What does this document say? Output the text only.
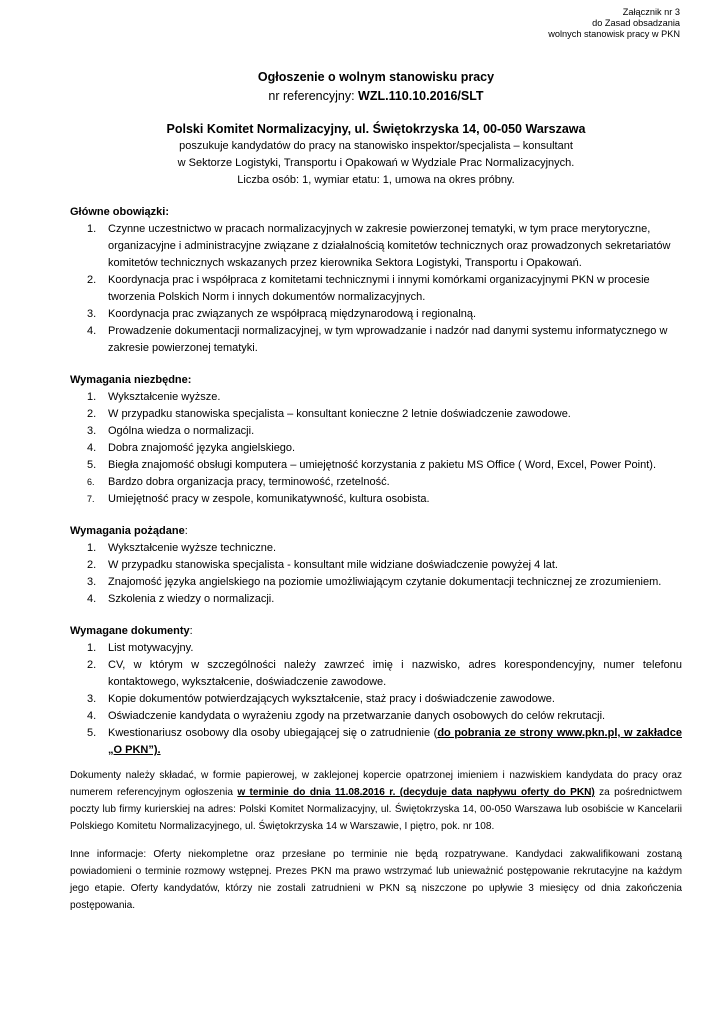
Załącznik nr 3
do Zasad obsadzania
wolnych stanowisk pracy w PKN

Ogłoszenie o wolnym stanowisku pracy

nr referencyjny: WZL.110.10.2016/SLT

Polski Komitet Normalizacyjny, ul. Świętokrzyska 14, 00-050 Warszawa

poszukuje kandydatów do pracy na stanowisko inspektor/specjalista – konsultant

w Sektorze Logistyki, Transportu i Opakowań w Wydziale Prac Normalizacyjnych.

Liczba osób: 1, wymiar etatu: 1, umowa na okres próbny.

Główne obowiązki:

1.	Czynne uczestnictwo w pracach normalizacyjnych w zakresie powierzonej tematyki, w tym prace merytoryczne, organizacyjne i administracyjne związane z działalnością komitetów technicznych oraz prowadzonych sekretariatów komitetów technicznych wskazanych przez kierownika Sektora Logistyki, Transportu i Opakowań.
2.	Koordynacja prac i współpraca z komitetami technicznymi i innymi komórkami organizacyjnymi PKN w procesie tworzenia Polskich Norm i innych dokumentów normalizacyjnych.
3.	Koordynacja prac związanych ze współpracą międzynarodową i regionalną.
4.	Prowadzenie dokumentacji normalizacyjnej, w tym wprowadzanie i nadzór nad danymi systemu informatycznego w zakresie powierzonej tematyki.

Wymagania niezbędne:

1.	Wykształcenie wyższe.
2.	W przypadku stanowiska specjalista – konsultant konieczne 2 letnie doświadczenie zawodowe.
3.	Ogólna wiedza o normalizacji.
4.	Dobra znajomość języka angielskiego.
5.	Biegła znajomość obsługi komputera – umiejętność korzystania z pakietu MS Office ( Word, Excel, Power Point).
6.	Bardzo dobra organizacja pracy, terminowość, rzetelność.
7.	Umiejętność pracy w zespole, komunikatywność, kultura osobista.

Wymagania pożądane:

1.	Wykształcenie wyższe techniczne.
2.	W przypadku stanowiska specjalista - konsultant mile widziane doświadczenie powyżej 4 lat.
3.	Znajomość języka angielskiego na poziomie umożliwiającym czytanie dokumentacji technicznej ze zrozumieniem.
4.	Szkolenia z wiedzy o normalizacji.

Wymagane dokumenty:

1.	List motywacyjny.
2.	CV, w którym w szczególności należy zawrzeć imię i nazwisko, adres korespondencyjny, numer telefonu kontaktowego, wykształcenie, doświadczenie zawodowe.
3.	Kopie dokumentów potwierdzających wykształcenie, staż pracy i doświadczenie zawodowe.
4.	Oświadczenie kandydata o wyrażeniu zgody na przetwarzanie danych osobowych do celów rekrutacji.
5.	Kwestionariusz osobowy dla osoby ubiegającej się o zatrudnienie (do pobrania ze strony www.pkn.pl, w zakładce „O PKN”).

Dokumenty należy składać, w formie papierowej, w zaklejonej kopercie opatrzonej imieniem i nazwiskiem kandydata do pracy oraz numerem referencyjnym ogłoszenia w terminie do dnia 11.08.2016 r. (decyduje data napływu oferty do PKN) za pośrednictwem poczty lub firmy kurierskiej na adres: Polski Komitet Normalizacyjny, ul. Świętokrzyska 14, 00-050 Warszawa lub osobiście w Kancelarii Polskiego Komitetu Normalizacyjnego, ul. Świętokrzyska 14 w Warszawie, I piętro, pok. nr 108.

Inne informacje: Oferty niekompletne oraz przesłane po terminie nie będą rozpatrywane. Kandydaci zakwalifikowani zostaną powiadomieni o terminie rozmowy wstępnej. Prezes PKN ma prawo wstrzymać lub unieważnić postępowanie rekrutacyjne na każdym jego etapie. Oferty kandydatów, którzy nie zostali zatrudnieni w PKN są niszczone po upływie 3 miesięcy od dnia zakończenia postępowania.
